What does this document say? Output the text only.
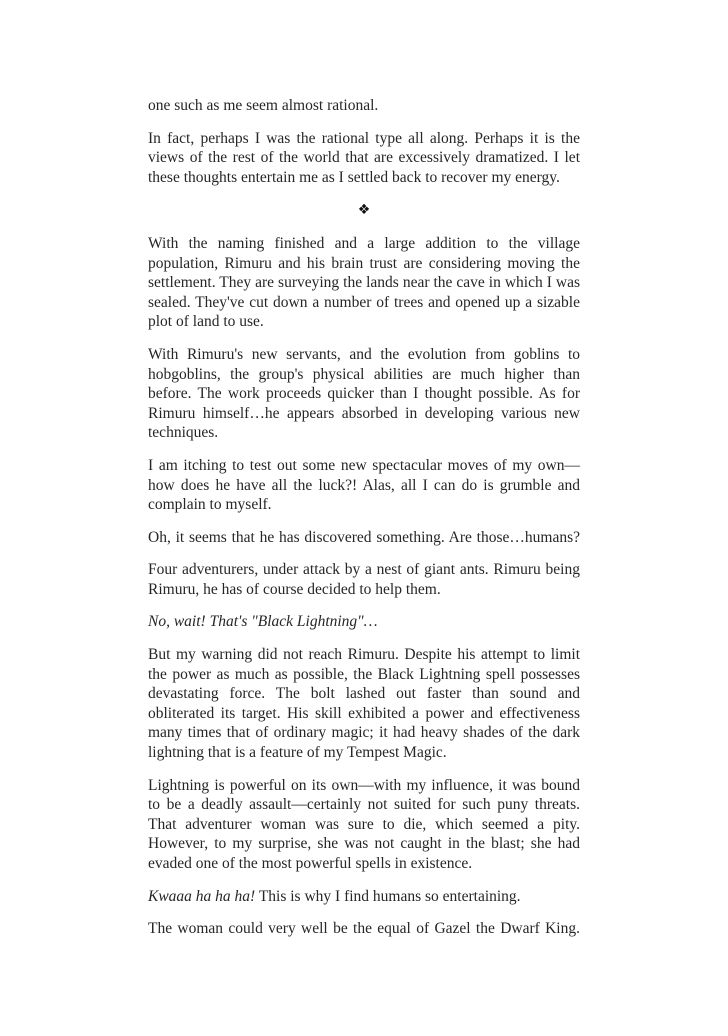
one such as me seem almost rational.

In fact, perhaps I was the rational type all along. Perhaps it is the views of the rest of the world that are excessively dramatized. I let these thoughts entertain me as I settled back to recover my energy.

❖

With the naming finished and a large addition to the village population, Rimuru and his brain trust are considering moving the settlement. They are surveying the lands near the cave in which I was sealed. They've cut down a number of trees and opened up a sizable plot of land to use.

With Rimuru's new servants, and the evolution from goblins to hobgoblins, the group's physical abilities are much higher than before. The work proceeds quicker than I thought possible. As for Rimuru himself…he appears absorbed in developing various new techniques.

I am itching to test out some new spectacular moves of my own—how does he have all the luck?! Alas, all I can do is grumble and complain to myself.

Oh, it seems that he has discovered something. Are those…humans?

Four adventurers, under attack by a nest of giant ants. Rimuru being Rimuru, he has of course decided to help them.

No, wait! That's "Black Lightning"…

But my warning did not reach Rimuru. Despite his attempt to limit the power as much as possible, the Black Lightning spell possesses devastating force. The bolt lashed out faster than sound and obliterated its target. His skill exhibited a power and effectiveness many times that of ordinary magic; it had heavy shades of the dark lightning that is a feature of my Tempest Magic.

Lightning is powerful on its own—with my influence, it was bound to be a deadly assault—certainly not suited for such puny threats. That adventurer woman was sure to die, which seemed a pity. However, to my surprise, she was not caught in the blast; she had evaded one of the most powerful spells in existence.

Kwaaa ha ha ha! This is why I find humans so entertaining.

The woman could very well be the equal of Gazel the Dwarf King.
